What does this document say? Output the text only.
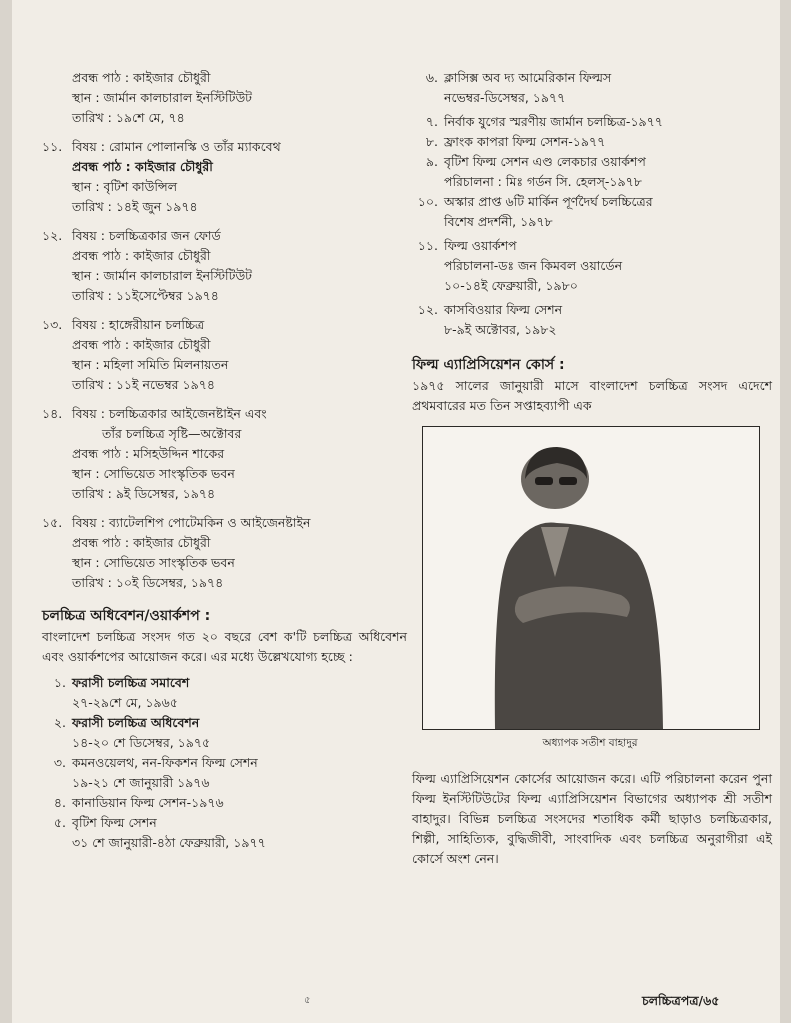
প্রবন্ধ পাঠ : কাইজার চৌধুরী
স্থান : জার্মান কালচারাল ইনস্টিটিউট
তারিখ : ১৯শে মে, ৭৪
১১. বিষয় : রোমান পোলানস্কি ও তাঁর ম্যাকবেথ
প্রবন্ধ পাঠ : কাইজার চৌধুরী
স্থান : বৃটিশ কাউন্সিল
তারিখ : ১৪ই জুন ১৯৭৪
১২. বিষয় : চলচ্চিত্রকার জন ফোর্ড
প্রবন্ধ পাঠ : কাইজার চৌধুরী
স্থান : জার্মান কালচারাল ইনস্টিটিউট
তারিখ : ১১ইসেপ্টেম্বর ১৯৭৪
১৩. বিষয় : হাঙ্গেরীয়ান চলচ্চিত্র
প্রবন্ধ পাঠ : কাইজার চৌধুরী
স্থান : মহিলা সমিতি মিলনায়তন
তারিখ : ১১ই নভেম্বর ১৯৭৪
১৪. বিষয় : চলচ্চিত্রকার আইজেনষ্টাইন এবং
তাঁর চলচ্চিত্র সৃষ্টি—অক্টোবর
প্রবন্ধ পাঠ : মসিহউদ্দিন শাকের
স্থান : সোভিয়েত সাংস্কৃতিক ভবন
তারিখ : ৯ই ডিসেম্বর, ১৯৭৪
১৫. বিষয় : ব্যাটেলশিপ পোটেমকিন ও আইজেনষ্টাইন
প্রবন্ধ পাঠ : কাইজার চৌধুরী
স্থান : সোভিয়েত সাংস্কৃতিক ভবন
তারিখ : ১০ই ডিসেম্বর, ১৯৭৪
চলচ্চিত্র অধিবেশন/ওয়ার্কশপ :
বাংলাদেশ চলচ্চিত্র সংসদ গত ২০ বছরে বেশ ক'টি চলচ্চিত্র অধিবেশন এবং ওয়ার্কশপের আয়োজন করে। এর মধ্যে উল্লেখযোগ্য হচ্ছে :
১. ফরাসী চলচ্চিত্র সমাবেশ
২৭-২৯শে মে, ১৯৬৫
২. ফরাসী চলচ্চিত্র অধিবেশন
১৪-২০ শে ডিসেম্বর, ১৯৭৫
৩. কমনওয়েলথ, নন-ফিকশন ফিল্ম সেশন
১৯-২১ শে জানুয়ারী ১৯৭৬
৪. কানাডিয়ান ফিল্ম সেশন-১৯৭৬
৫. বৃটিশ ফিল্ম সেশন
৩১ শে জানুয়ারী-৪ঠা ফেব্রুয়ারী, ১৯৭৭
৬. ক্লাসিক্স অব দ্য আমেরিকান ফিল্মস
নভেম্বর-ডিসেম্বর, ১৯৭৭
৭. নির্বাক যুগের স্মরণীয় জার্মান চলচ্চিত্র-১৯৭৭
৮. ফ্রাংক কাপরা ফিল্ম সেশন-১৯৭৭
৯. বৃটিশ ফিল্ম সেশন এণ্ড লেকচার ওয়ার্কশপ
পরিচালনা : মিঃ গর্ডন সি. হেলস্-১৯৭৮
১০. অস্কার প্রাপ্ত ৬টি মার্কিন পূর্ণদৈর্ঘ চলচ্চিত্রের
বিশেষ প্রদর্শনী, ১৯৭৮
১১. ফিল্ম ওয়ার্কশপ
পরিচালনা-ডঃ জন কিমবল ওয়ার্ডেন
১০-১৪ই ফেব্রুয়ারী, ১৯৮০
১২. কাসবিওয়ার ফিল্ম সেশন
৮-৯ই অক্টোবর, ১৯৮২
ফিল্ম এ্যাপ্রিসিয়েশন কোর্স :
১৯৭৫ সালের জানুয়ারী মাসে বাংলাদেশ চলচ্চিত্র সংসদ এদেশে প্রথমবারের মত তিন সপ্তাহব্যাপী এক
অধ্যাপক সতীশ বাহাদুর
ফিল্ম এ্যাপ্রিসিয়েশন কোর্সের আয়োজন করে। এটি পরিচালনা করেন পুনা ফিল্ম ইনস্টিটিউটের ফিল্ম এ্যাপ্রিসিয়েশন বিভাগের অধ্যাপক শ্রী সতীশ বাহাদুর। বিভিন্ন চলচ্চিত্র সংসদের শতাধিক কর্মী ছাড়াও চলচ্চিত্রকার, শিল্পী, সাহিত্যিক, বুদ্ধিজীবী, সাংবাদিক এবং চলচ্চিত্র অনুরাগীরা এই কোর্সে অংশ নেন।
৫	চলচ্চিত্রপত্র/৬৫
